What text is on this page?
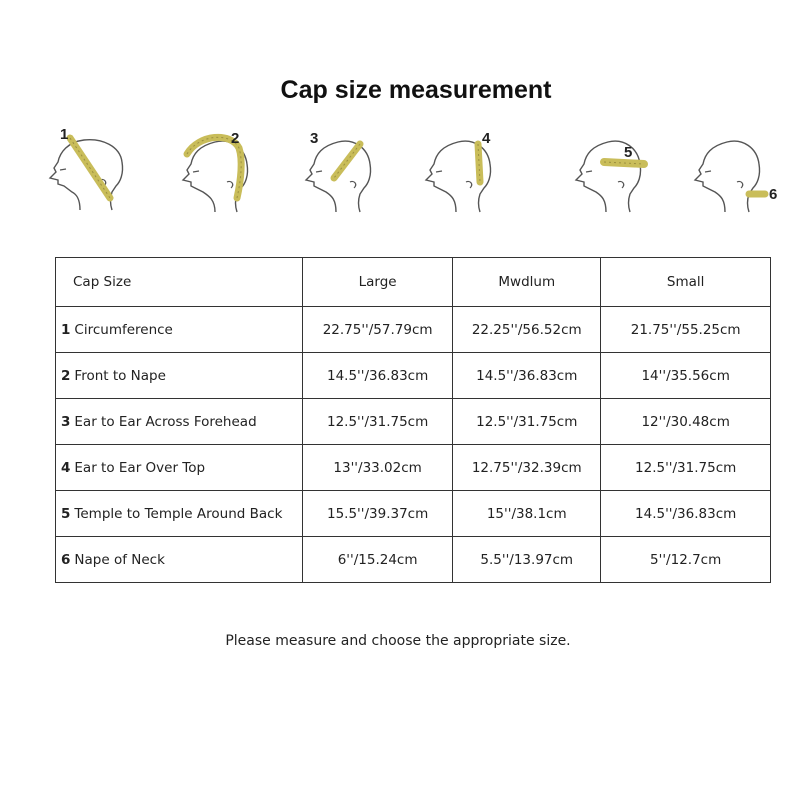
Cap size measurement
1	2	3	4
5
6
Cap Size	Large	Mwdlum	Small
1 Circumference	22.75''/57.79cm	22.25''/56.52cm	21.75''/55.25cm

2 Front to Nape	14.5''/36.83cm	14.5''/36.83cm	14''/35.56cm

3 Ear to Ear Across Forehead	12.5''/31.75cm	12.5''/31.75cm	12''/30.48cm

4 Ear to Ear Over Top	13''/33.02cm	12.75''/32.39cm	12.5''/31.75cm

5 Temple to Temple Around Back	15.5''/39.37cm	15''/38.1cm	14.5''/36.83cm

6 Nape of Neck	6''/15.24cm	5.5''/13.97cm	5''/12.7cm
Please measure and choose the appropriate size.
